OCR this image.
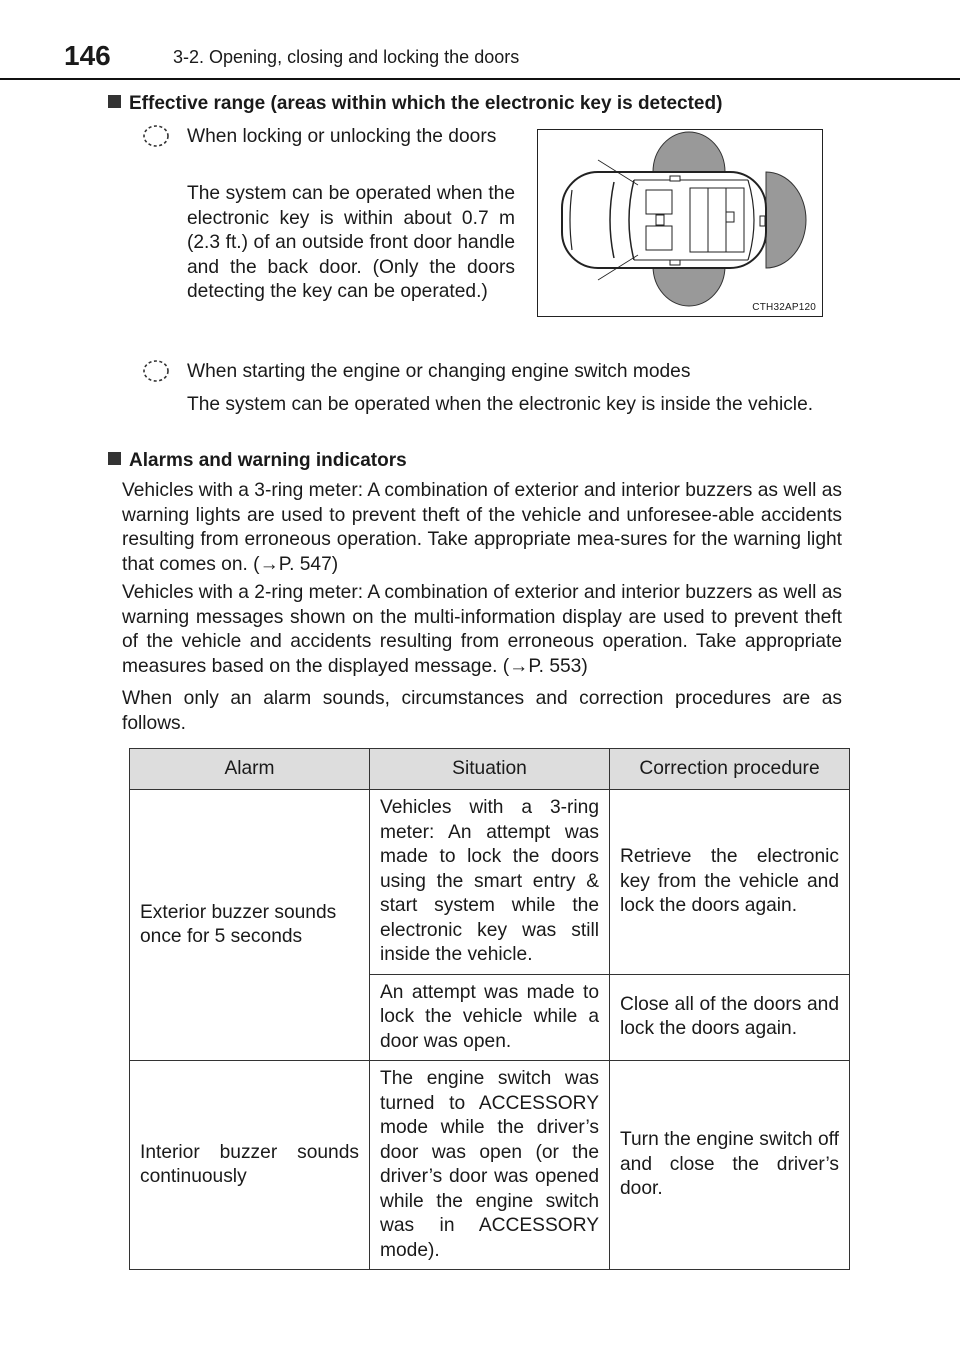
146	3-2. Opening, closing and locking the doors
Effective range (areas within which the electronic key is detected)

When locking or unlocking the doors

The system can be operated when the electronic key is within about 0.7 m (2.3 ft.) of an outside front door handle and the back door. (Only the doors detecting the key can be operated.)

CTH32AP120

When starting the engine or changing engine switch modes

The system can be operated when the electronic key is inside the vehicle.

Alarms and warning indicators

Vehicles with a 3-ring meter: A combination of exterior and interior buzzers as well as warning lights are used to prevent theft of the vehicle and unforesee-able accidents resulting from erroneous operation. Take appropriate mea-sures for the warning light that comes on. (→P. 547)

Vehicles with a 2-ring meter: A combination of exterior and interior buzzers as well as warning messages shown on the multi-information display are used to prevent theft of the vehicle and accidents resulting from erroneous operation. Take appropriate measures based on the displayed message. (→P. 553)

When only an alarm sounds, circumstances and correction procedures are as follows.

Alarm	Situation	Correction procedure
Exterior buzzer sounds once for 5 seconds	Vehicles with a 3-ring meter: An attempt was made to lock the doors using the smart entry & start system while the electronic key was still inside the vehicle.	Retrieve the electronic key from the vehicle and lock the doors again.
	An attempt was made to lock the vehicle while a door was open.	Close all of the doors and lock the doors again.
Interior buzzer sounds continuously	The engine switch was turned to ACCESSORY mode while the driver’s door was open (or the driver’s door was opened while the engine switch was in ACCESSORY mode).	Turn the engine switch off and close the driver’s door.
